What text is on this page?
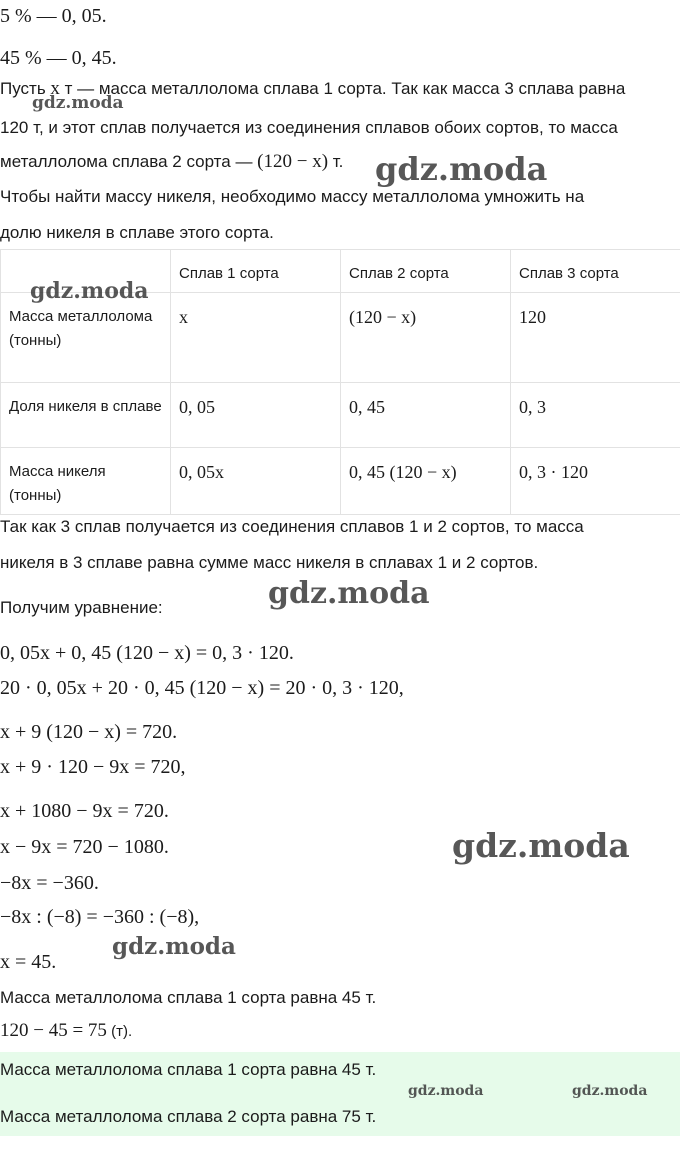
5 % — 0, 05.
45 % — 0, 45.
Пусть x т — масса металлолома сплава 1 сорта. Так как масса 3 сплава равна
120 т, и этот сплав получается из соединения сплавов обоих сортов, то масса
металлолома сплава 2 сорта — (120 − x) т.
Чтобы найти массу никеля, необходимо массу металлолома умножить на
долю никеля в сплаве этого сорта.
	Сплав 1 сорта	Сплав 2 сорта	Сплав 3 сорта
Масса металлолома (тонны)	x	(120 − x)	120
Доля никеля в сплаве	0, 05	0, 45	0, 3
Масса никеля (тонны)	0, 05x	0, 45 (120 − x)	0, 3 · 120
Так как 3 сплав получается из соединения сплавов 1 и 2 сортов, то масса
никеля в 3 сплаве равна сумме масс никеля в сплавах 1 и 2 сортов.
Получим уравнение:
0, 05x + 0, 45 (120 − x) = 0, 3 · 120.
20 · 0, 05x + 20 · 0, 45 (120 − x) = 20 · 0, 3 · 120,
x + 9 (120 − x) = 720.
x + 9 · 120 − 9x = 720,
x + 1080 − 9x = 720.
x − 9x = 720 − 1080.
−8x = −360.
−8x : (−8) = −360 : (−8),
x = 45.
Масса металлолома сплава 1 сорта равна 45 т.
120 − 45 = 75 (т).
Масса металлолома сплава 1 сорта равна 45 т.
Масса металлолома сплава 2 сорта равна 75 т.
gdz.moda
gdz.moda
gdz.moda
gdz.moda
gdz.moda
gdz.moda
gdz.moda	gdz.moda
